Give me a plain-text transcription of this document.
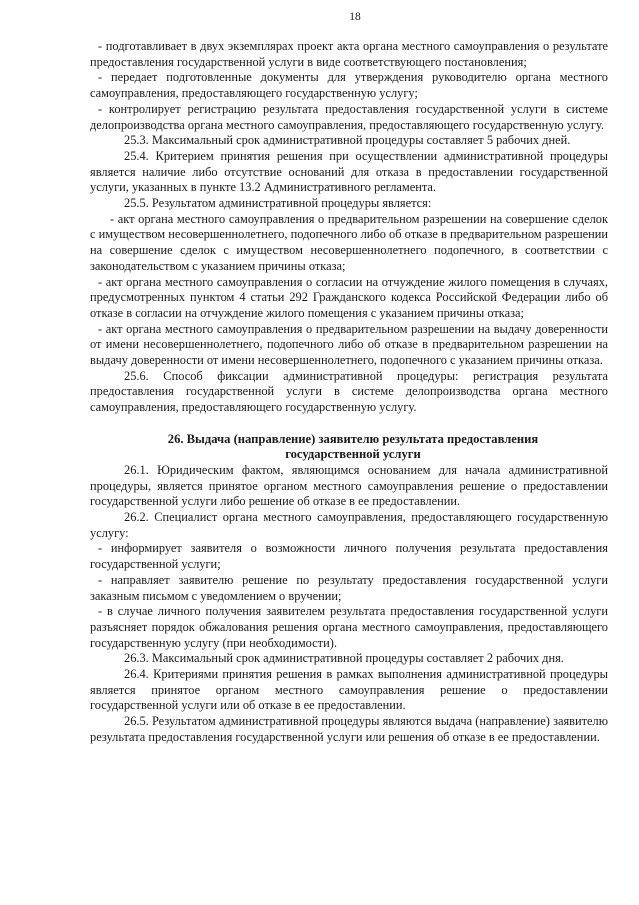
18

- подготавливает в двух экземплярах проект акта органа местного самоуправления о результате предоставления государственной услуги в виде соответствующего постановления;

- передает подготовленные документы для утверждения руководителю органа местного самоуправления, предоставляющего государственную услугу;

- контролирует регистрацию результата предоставления государственной услуги в системе делопроизводства органа местного самоуправления, предоставляющего государственную услугу.

25.3. Максимальный срок административной процедуры составляет 5 рабочих дней.

25.4. Критерием принятия решения при осуществлении административной процедуры является наличие либо отсутствие оснований для отказа в предоставлении государственной услуги, указанных в пункте 13.2 Административного регламента.

25.5. Результатом административной процедуры является:

- акт органа местного самоуправления о предварительном разрешении на совершение сделок с имуществом несовершеннолетнего, подопечного либо об отказе в предварительном разрешении на совершение сделок с имуществом несовершеннолетнего подопечного, в соответствии с законодательством с указанием причины отказа;

- акт органа местного самоуправления о согласии на отчуждение жилого помещения в случаях, предусмотренных пунктом 4 статьи 292 Гражданского кодекса Российской Федерации либо об отказе в согласии на отчуждение жилого помещения с указанием причины отказа;

- акт органа местного самоуправления о предварительном разрешении на выдачу доверенности от имени несовершеннолетнего, подопечного либо об отказе в предварительном разрешении на выдачу доверенности от имени несовершеннолетнего, подопечного с указанием причины отказа.

25.6. Способ фиксации административной процедуры: регистрация результата предоставления государственной услуги в системе делопроизводства органа местного самоуправления, предоставляющего государственную услугу.

26. Выдача (направление) заявителю результата предоставления
государственной услуги

26.1. Юридическим фактом, являющимся основанием для начала административной процедуры, является принятое органом местного самоуправления решение о предоставлении государственной услуги либо решение об отказе в ее предоставлении.

26.2. Специалист органа местного самоуправления, предоставляющего государственную услугу:

- информирует заявителя о возможности личного получения результата предоставления государственной услуги;

- направляет заявителю решение по результату предоставления государственной услуги заказным письмом с уведомлением о вручении;

- в случае личного получения заявителем результата предоставления государственной услуги разъясняет порядок обжалования решения органа местного самоуправления, предоставляющего государственную услугу (при необходимости).

26.3. Максимальный срок административной процедуры составляет 2 рабочих дня.

26.4. Критериями принятия решения в рамках выполнения административной процедуры является принятое органом местного самоуправления решение о предоставлении государственной услуги или об отказе в ее предоставлении.

26.5. Результатом административной процедуры являются выдача (направление) заявителю результата предоставления государственной услуги или решения об отказе в ее предоставлении.
